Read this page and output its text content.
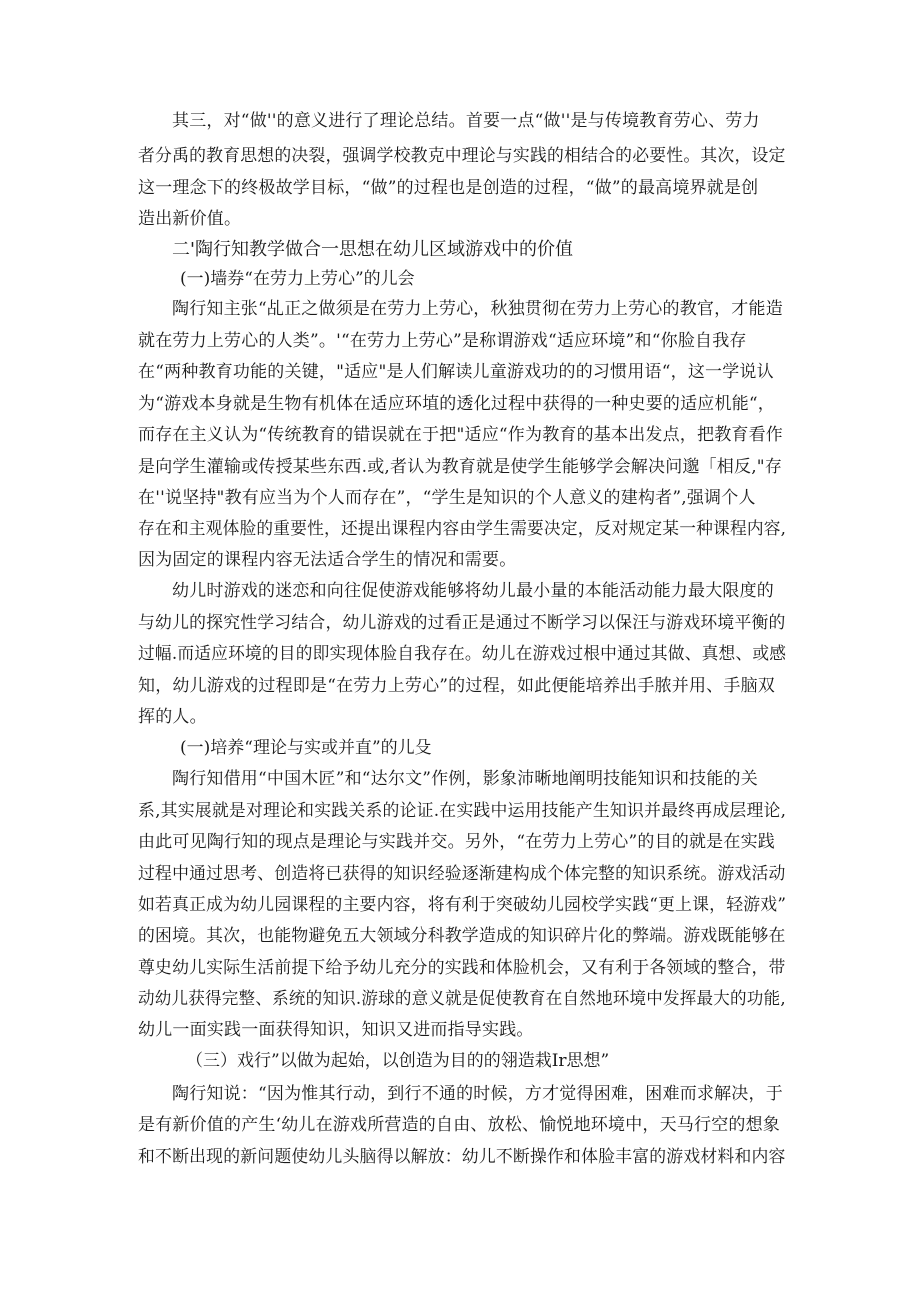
其三，对“做''的意义进行了理论总结。首要一点“做''是与传境教育劳心、劳力
者分禹的教育思想的决裂，强调学校教克中理论与实践的相结合的必要性。其次，设定
这一理念下的终极故学目标，“做”的过程也是创造的过程，“做”的最高境界就是创
造出新价值。
二'陶行知教学做合一思想在幼儿区域游戏中的价值
(一)墙券“在劳力上劳心”的儿会
陶行知主张“乩正之做须是在劳力上劳心，秋独贯彻在劳力上劳心的教官，才能造
就在劳力上劳心的人类”。'“在劳力上劳心”是称谓游戏“适应环境”和“你脸自我存
在“两种教育功能的关键，"适应"是人们解读儿童游戏功的的习惯用语“，这一学说认
为“游戏本身就是生物有机体在适应环埴的透化过程中获得的一种史要的适应机能“，
而存在主义认为“传统教育的错误就在于把"适应“作为教育的基本出发点，把教育看作
是向学生灌输或传授某些东西.或,者认为教育就是使学生能够学会解决问邈「相反,"存
在''说坚持"教有应当为个人而存在”，“学生是知识的个人意义的建构者”,强调个人
存在和主观体脸的重要性，还提出课程内容由学生需要决定，反对规定某一种课程内容,
因为固定的课程内容无法适合学生的情况和需要。
幼儿时游戏的迷恋和向往促使游戏能够将幼儿最小量的本能活动能力最大限度的
与幼儿的探究性学习结合，幼儿游戏的过看正是通过不断学习以保汪与游戏环境平衡的
过幅.而适应环境的目的即实现体脸自我存在。幼儿在游戏过根中通过其做、真想、或感
知，幼儿游戏的过程即是“在劳力上劳心”的过程，如此便能培养出手脓并用、手脑双
挥的人。
(一)培养“理论与实或并直”的儿殳
陶行知借用“中国木匠”和“达尔文”作例，影象沛晰地阐明技能知识和技能的关
系,其实展就是对理论和实践关系的论证.在实践中运用技能产生知识并最终再成层理论,
由此可见陶行知的现点是理论与实践并交。另外，“在劳力上劳心”的目的就是在实践
过程中通过思考、创造将已获得的知识经验逐渐建构成个体完整的知识系统。游戏活动
如若真正成为幼儿园课程的主要内容，将有利于突破幼儿园校学实践“更上课，轻游戏”
的困境。其次，也能物避免五大领域分科教学造成的知识碎片化的弊端。游戏既能够在
尊史幼儿实际生活前提下给予幼儿充分的实践和体脸机会，又有利于各领域的整合，带
动幼儿获得完整、系统的知识.游球的意义就是促使教育在自然地环境中发挥最大的功能,
幼儿一面实践一面获得知识，知识又进而指导实践。
（三）戏行”以做为起始，以创造为目的的翎造栽Ir思想”
陶行知说：“因为惟其行动，到行不通的时候，方才觉得困难，困难而求解决，于
是有新价值的产生‘幼儿在游戏所营造的自由、放松、愉悦地环境中，天马行空的想象
和不断出现的新问题使幼儿头脑得以解放：幼儿不断操作和体脸丰富的游戏材料和内容
